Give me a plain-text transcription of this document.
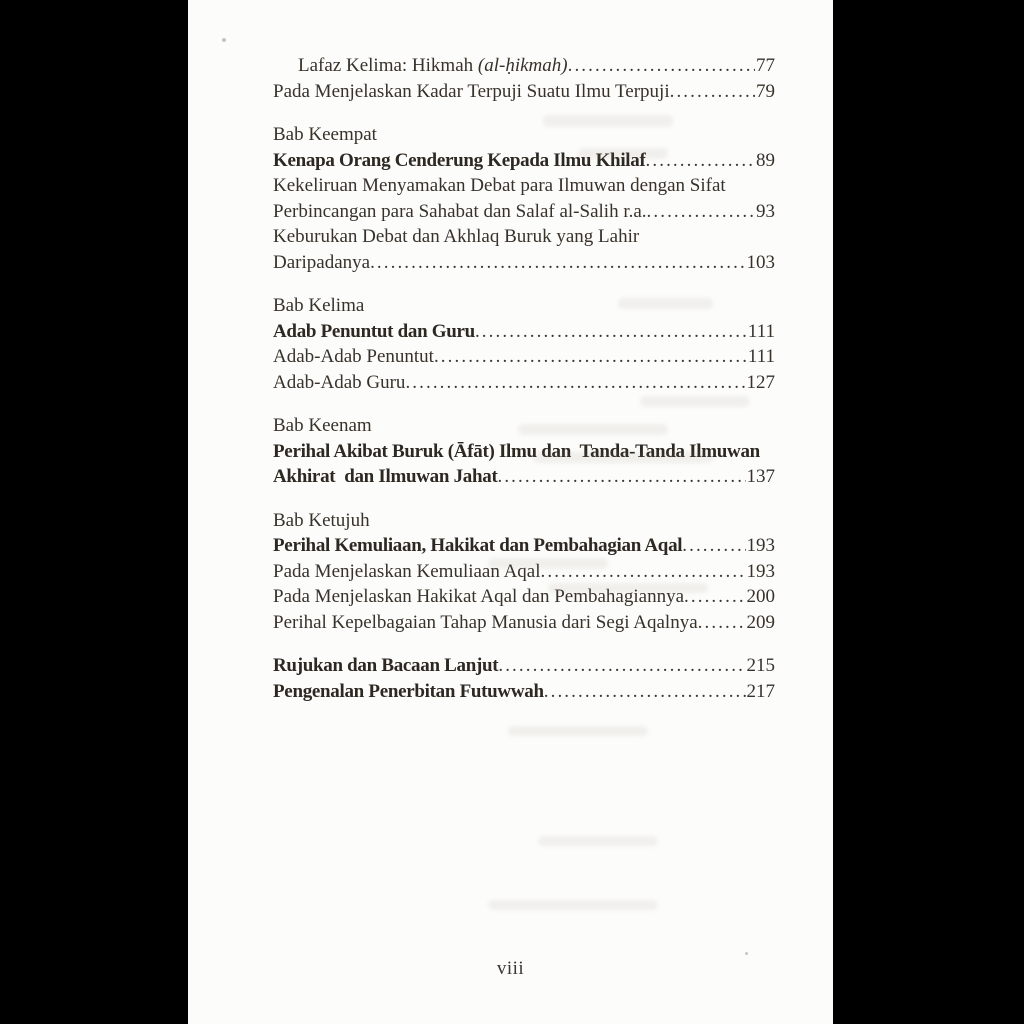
Lafaz Kelima: Hikmah (al-ḥikmah) .....	77
Pada Menjelaskan Kadar Terpuji Suatu Ilmu Terpuji .....	79
Bab Keempat
Kenapa Orang Cenderung Kepada Ilmu Khilaf .....	89
Kekeliruan Menyamakan Debat para Ilmuwan dengan Sifat
Perbincangan para Sahabat dan Salaf al-Salih r.a. .....	93
Keburukan Debat dan Akhlaq Buruk yang Lahir
Daripadanya .....	103
Bab Kelima
Adab Penuntut dan Guru .....	111
Adab-Adab Penuntut .....	111
Adab-Adab Guru .....	127
Bab Keenam
Perihal Akibat Buruk (Āfāt) Ilmu dan  Tanda-Tanda Ilmuwan
Akhirat  dan Ilmuwan Jahat .....	137
Bab Ketujuh
Perihal Kemuliaan, Hakikat dan Pembahagian Aqal .....	193
Pada Menjelaskan Kemuliaan Aqal .....	193
Pada Menjelaskan Hakikat Aqal dan Pembahagiannya .....	200
Perihal Kepelbagaian Tahap Manusia dari Segi Aqalnya .....	209
Rujukan dan Bacaan Lanjut .....	215
Pengenalan Penerbitan Futuwwah .....	217
viii
